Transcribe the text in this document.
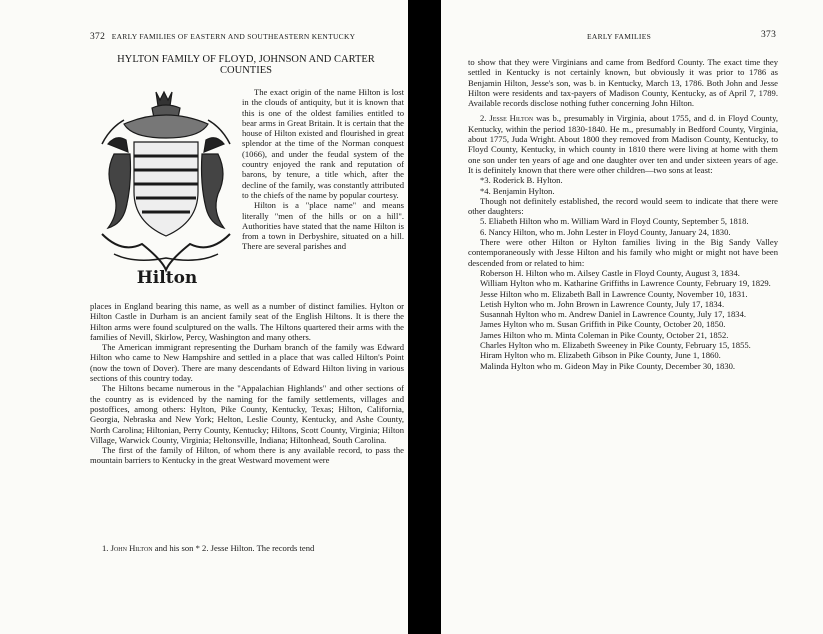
372 EARLY FAMILIES OF EASTERN AND SOUTHEASTERN KENTUCKY
HYLTON FAMILY OF FLOYD, JOHNSON AND CARTER
COUNTIES
Hilton

The exact origin of the name Hilton is lost in the clouds of antiquity, but it is known that this is one of the oldest families entitled to bear arms in Great Britain. It is certain that the house of Hilton existed and flourished in great splendor at the time of the Norman conquest (1066), and under the feudal system of the country enjoyed the rank and reputation of barons, by tenure, a title which, after the decline of the family, was constantly attributed to the chiefs of the name by popular courtesy.

Hilton is a "place name" and means literally "men of the hills or on a hill". Authorities have stated that the name Hilton is from a town in Derbyshire, situated on a hill. There are several parishes and

places in England bearing this name, as well as a number of distinct families. Hylton or Hilton Castle in Durham is an ancient family seat of the English Hiltons. It is there the Hilton arms were found sculptured on the walls. The Hiltons quartered their arms with the families of Nevill, Skirlow, Percy, Washington and many others.

The American immigrant representing the Durham branch of the family was Edward Hilton who came to New Hampshire and settled in a place that was called Hilton's Point (now the town of Dover). There are many descendants of Edward Hilton living in various sections of this country today.

The Hiltons became numerous in the "Appalachian Highlands" and other sections of the country as is evidenced by the naming for the family settlements, villages and postoffices, among others: Hylton, Pike County, Kentucky, Texas; Hilton, California, Georgia, Nebraska and New York; Helton, Leslie County, Kentucky, and Ashe County, North Carolina; Hiltonian, Perry County, Kentucky; Hiltons, Scott County, Virginia; Hilton Village, Warwick County, Virginia; Heltonsville, Indiana; Hiltonhead, South Carolina.

The first of the family of Hilton, of whom there is any available record, to pass the mountain barriers to Kentucky in the great Westward movement were

1. John Hilton and his son * 2. Jesse Hilton. The records tend

EARLY FAMILIES	373

to show that they were Virginians and came from Bedford County. The exact time they settled in Kentucky is not certainly known, but obviously it was prior to 1786 as Benjamin Hilton, Jesse's son, was b. in Kentucky, March 13, 1786. Both John and Jesse Hilton were residents and tax-payers of Madison County, Kentucky, as of April 7, 1789. Available records disclose nothing futher concerning John Hilton.

2. Jesse Hilton was b., presumably in Virginia, about 1755, and d. in Floyd County, Kentucky, within the period 1830-1840. He m., presumably in Bedford County, Virginia, about 1775, Juda Wright. About 1800 they removed from Madison County, Kentucky, to Floyd County, Kentucky, in which county in 1810 there were living at home with them one son under ten years of age and one daughter over ten and under sixteen years of age. It is definitely known that there were other children—two sons at least:

*3. Roderick B. Hylton.

*4. Benjamin Hylton.

Though not definitely established, the record would seem to indicate that there were other daughters:

5. Eliabeth Hilton who m. William Ward in Floyd County, September 5, 1818.

6. Nancy Hilton, who m. John Lester in Floyd County, January 24, 1830.

There were other Hilton or Hylton families living in the Big Sandy Valley contemporaneously with Jesse Hilton and his family who might or might not have been descended from or related to him:

Roberson H. Hilton who m. Ailsey Castle in Floyd County, August 3, 1834.

William Hylton who m. Katharine Griffiths in Lawrence County, February 19, 1829.

Jesse Hilton who m. Elizabeth Ball in Lawrence County, November 10, 1831.

Letish Hylton who m. John Brown in Lawrence County, July 17, 1834.

Susannah Hylton who m. Andrew Daniel in Lawrence County, July 17, 1834.

James Hylton who m. Susan Griffith in Pike County, October 20, 1850.

James Hilton who m. Minta Coleman in Pike County, October 21, 1852.

Charles Hylton who m. Elizabeth Sweeney in Pike County, February 15, 1855.

Hiram Hylton who m. Elizabeth Gibson in Pike County, June 1, 1860.

Malinda Hylton who m. Gideon May in Pike County, December 30, 1830.
